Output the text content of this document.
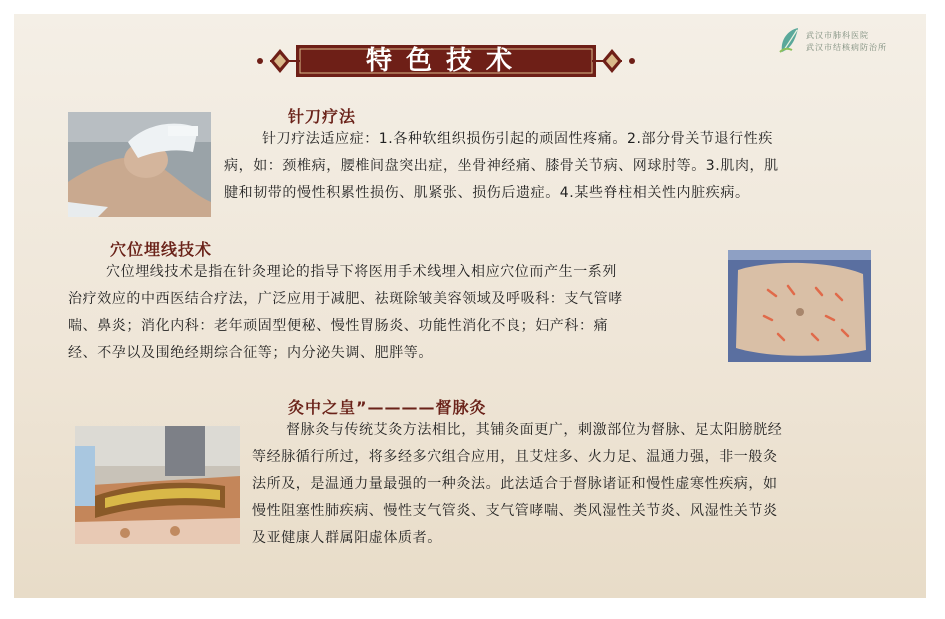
特色技术
武汉市肺科医院
武汉市结核病防治所
针刀疗法
针刀疗法适应症：1.各种软组织损伤引起的顽固性疼痛。2.部分骨关节退行性疾
病，如：颈椎病，腰椎间盘突出症，坐骨神经痛、膝骨关节病、网球肘等。3.肌肉，肌
腱和韧带的慢性积累性损伤、肌紧张、损伤后遗症。4.某些脊柱相关性内脏疾病。
穴位埋线技术
穴位埋线技术是指在针灸理论的指导下将医用手术线埋入相应穴位而产生一系列
治疗效应的中西医结合疗法，广泛应用于减肥、祛斑除皱美容领域及呼吸科：支气管哮
喘、鼻炎；消化内科：老年顽固型便秘、慢性胃肠炎、功能性消化不良；妇产科：痛
经、不孕以及围绝经期综合征等；内分泌失调、肥胖等。
灸中之皇”————督脉灸
督脉灸与传统艾灸方法相比，其铺灸面更广，刺激部位为督脉、足太阳膀胱经
等经脉循行所过，将多经多穴组合应用，且艾炷多、火力足、温通力强，非一般灸
法所及，是温通力量最强的一种灸法。此法适合于督脉诸证和慢性虚寒性疾病，如
慢性阻塞性肺疾病、慢性支气管炎、支气管哮喘、类风湿性关节炎、风湿性关节炎
及亚健康人群属阳虚体质者。
